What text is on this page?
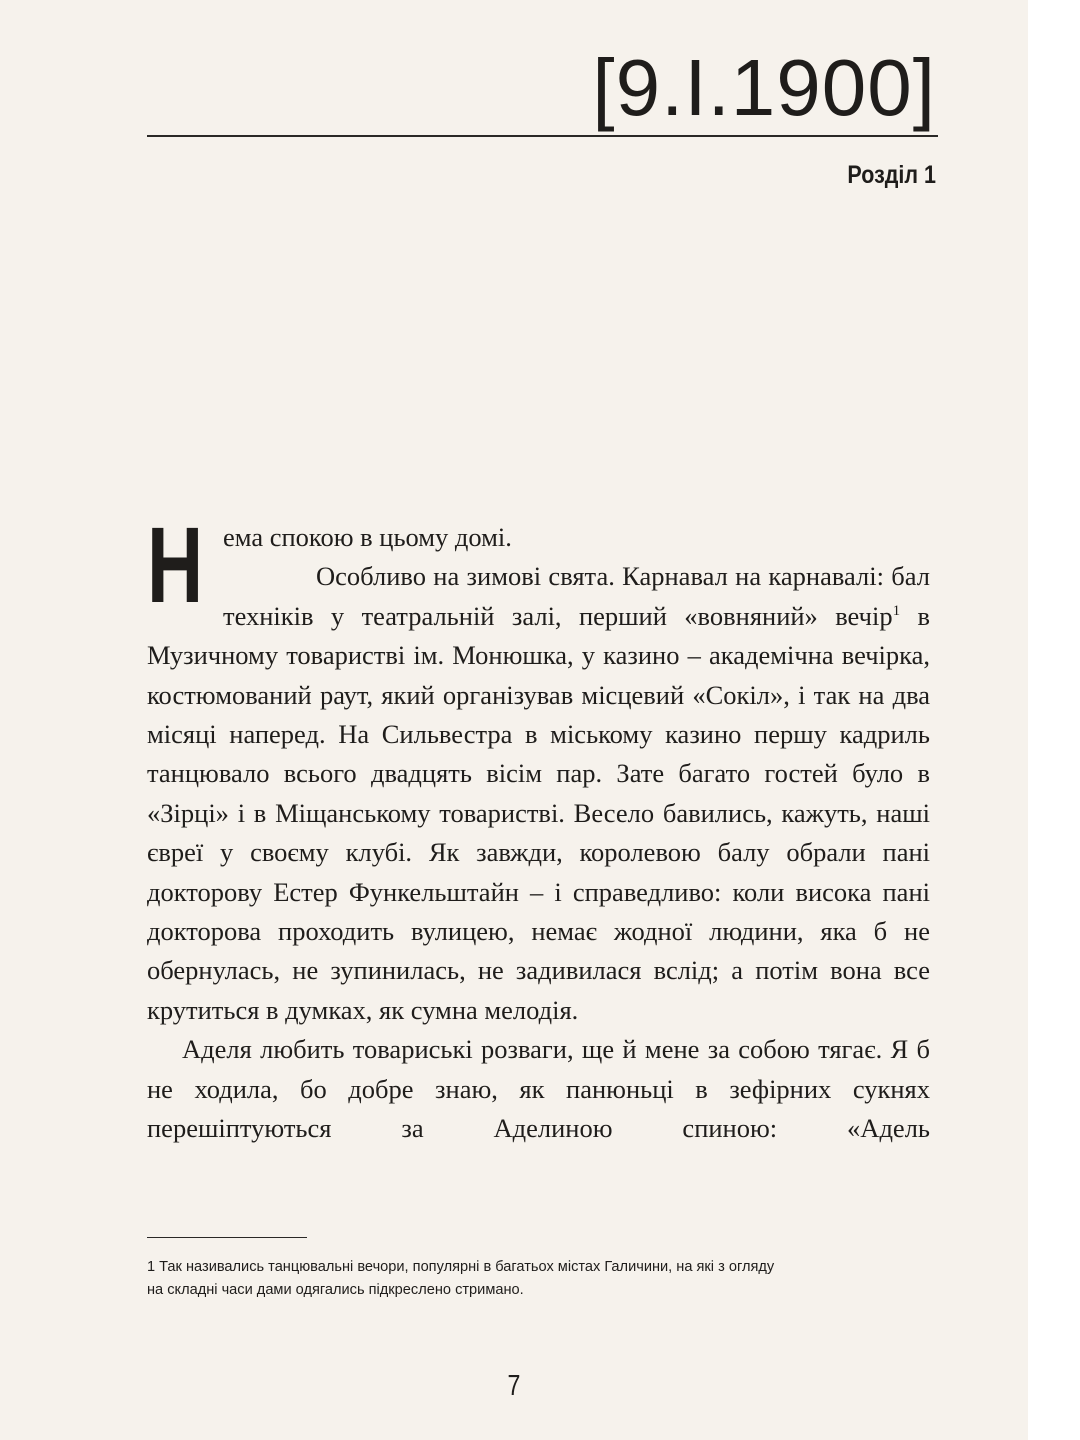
[9.I.1900]
Розділ 1

Нема спокою в цьому домі.

Особливо на зимові свята. Карнавал на карнавалі: бал техніків у театральній залі, перший «вовняний» вечір$^1$ в Музичному товаристві ім. Монюшка, у казино – академічна вечірка, костюмований раут, який організував місцевий «Сокіл», і так на два місяці наперед. На Сильвестра в міському казино першу кадриль танцювало всього двадцять вісім пар. Зате багато гостей було в «Зірці» і в Міщанському товаристві. Весело бавились, кажуть, наші євреї у своєму клубі. Як завжди, королевою балу обрали пані докторову Естер Функельштайн – і справедливо: коли висока пані докторова проходить вулицею, немає жодної людини, яка б не обернулась, не зупинилась, не задивилася вслід; а потім вона все крутиться в думках, як сумна мелодія.

Аделя любить товариські розваги, ще й мене за собою тягає. Я б не ходила, бо добре знаю, як панюньці в зефірних сукнях перешіптуються за Аделиною спиною: «Адель

1 Так називались танцювальні вечори, популярні в багатьох містах Галичини, на які з огляду
на складні часи дами одягались підкреслено стримано.
7
